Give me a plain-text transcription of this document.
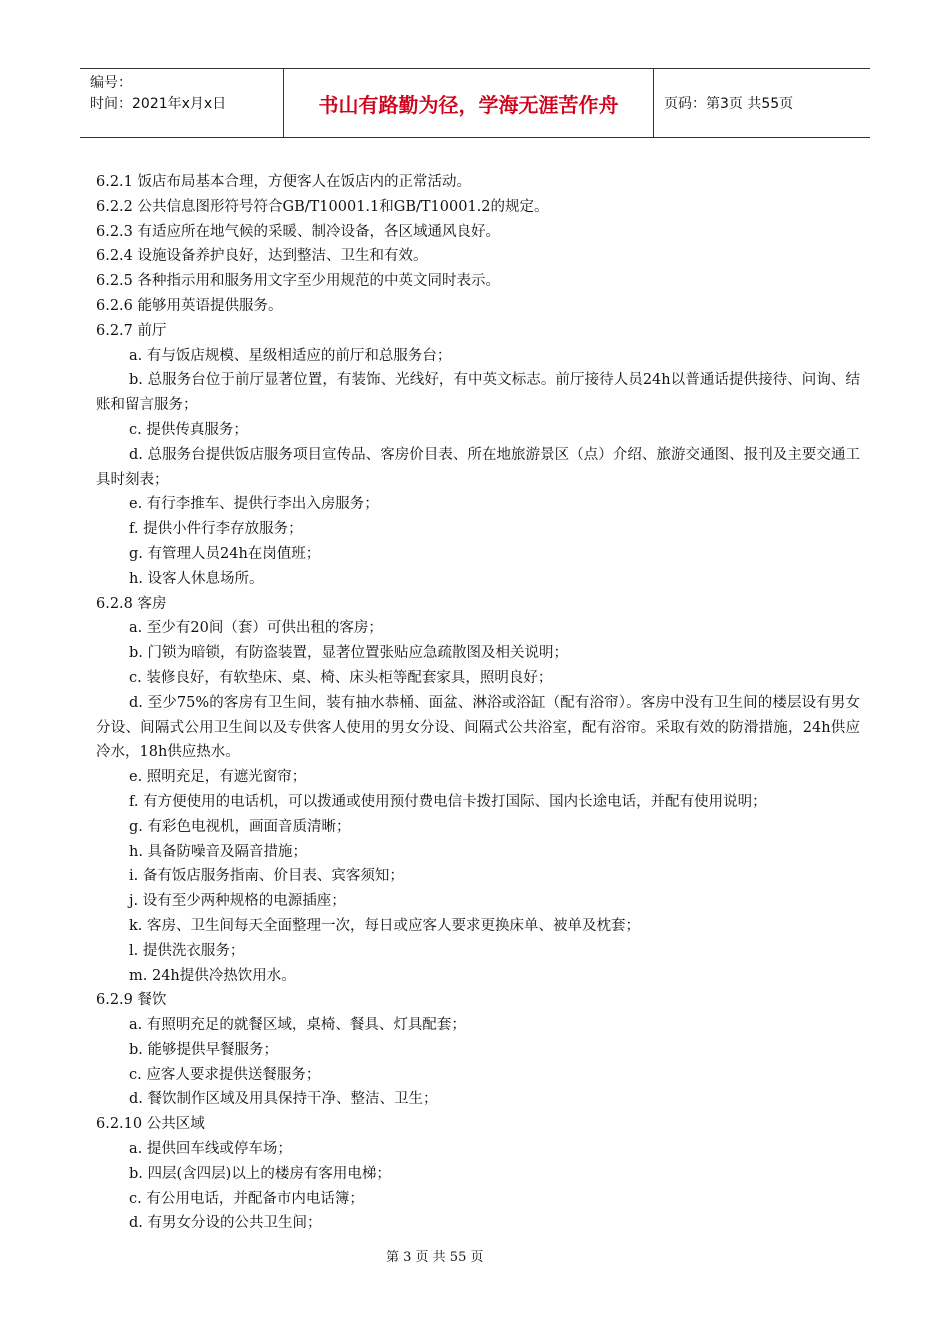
编号：
时间：2021年x月x日	书山有路勤为径，学海无涯苦作舟	页码：第3页 共55页
6.2.1 饭店布局基本合理，方便客人在饭店内的正常活动。
6.2.2 公共信息图形符号符合GB/T10001.1和GB/T10001.2的规定。
6.2.3 有适应所在地气候的采暖、制冷设备，各区域通风良好。
6.2.4 设施设备养护良好，达到整洁、卫生和有效。
6.2.5 各种指示用和服务用文字至少用规范的中英文同时表示。
6.2.6 能够用英语提供服务。
6.2.7 前厅
a. 有与饭店规模、星级相适应的前厅和总服务台；
b. 总服务台位于前厅显著位置，有装饰、光线好，有中英文标志。前厅接待人员24h以普通话提供接待、问询、结账和留言服务；
c. 提供传真服务；
d. 总服务台提供饭店服务项目宣传品、客房价目表、所在地旅游景区（点）介绍、旅游交通图、报刊及主要交通工具时刻表；
e. 有行李推车、提供行李出入房服务；
f. 提供小件行李存放服务；
g. 有管理人员24h在岗值班；
h. 设客人休息场所。
6.2.8 客房
a. 至少有20间（套）可供出租的客房；
b. 门锁为暗锁，有防盗装置，显著位置张贴应急疏散图及相关说明；
c. 装修良好，有软垫床、桌、椅、床头柜等配套家具，照明良好；
d. 至少75%的客房有卫生间，装有抽水恭桶、面盆、淋浴或浴缸（配有浴帘）。客房中没有卫生间的楼层设有男女分设、间隔式公用卫生间以及专供客人使用的男女分设、间隔式公共浴室，配有浴帘。采取有效的防滑措施，24h供应冷水，18h供应热水。
e. 照明充足，有遮光窗帘；
f. 有方便使用的电话机，可以拨通或使用预付费电信卡拨打国际、国内长途电话，并配有使用说明；
g. 有彩色电视机，画面音质清晰；
h. 具备防噪音及隔音措施；
i. 备有饭店服务指南、价目表、宾客须知；
j. 设有至少两种规格的电源插座；
k. 客房、卫生间每天全面整理一次，每日或应客人要求更换床单、被单及枕套；
l. 提供洗衣服务；
m. 24h提供冷热饮用水。
6.2.9 餐饮
a. 有照明充足的就餐区域，桌椅、餐具、灯具配套；
b. 能够提供早餐服务；
c. 应客人要求提供送餐服务；
d. 餐饮制作区域及用具保持干净、整洁、卫生；
6.2.10 公共区域
a. 提供回车线或停车场；
b. 四层(含四层)以上的楼房有客用电梯；
c. 有公用电话，并配备市内电话簿；
d. 有男女分设的公共卫生间；
第 3 页 共 55 页
